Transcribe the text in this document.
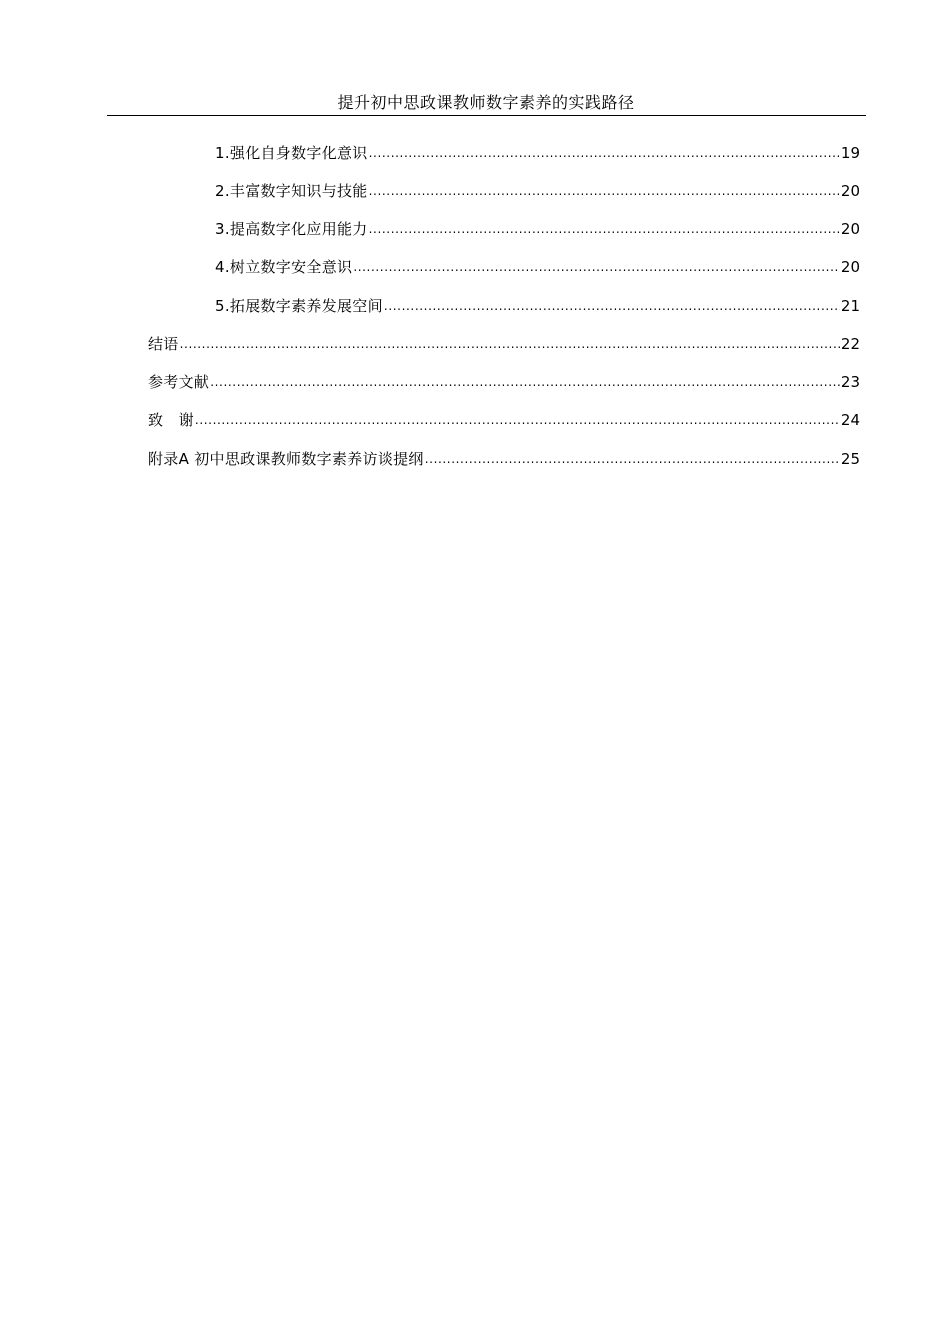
提升初中思政课教师数字素养的实践路径
1.强化自身数字化意识 .....	19
2.丰富数字知识与技能 .....	20
3.提高数字化应用能力 .....	20
4.树立数字安全意识 .....	20
5.拓展数字素养发展空间 .....	21
结语 .....	22
参考文献 .....	23
致　谢 .....	24
附录A 初中思政课教师数字素养访谈提纲 .....	25
